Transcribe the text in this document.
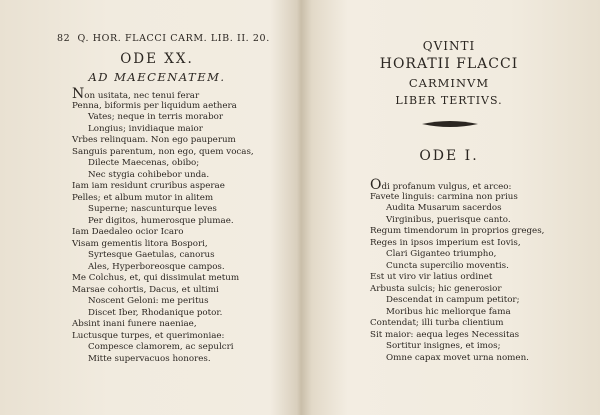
82 Q. HOR. FLACCI CARM. LIB. II. 20.
ODE XX.
AD MAECENATEM.
Non usitata, nec tenui ferar
Penna, biformis per liquidum aethera
Vates; neque in terris morabor
Longius; invidiaque maior
Vrbes relinquam. Non ego pauperum
Sanguis parentum, non ego, quem vocas,
Dilecte Maecenas, obibo;
Nec stygia cohibebor unda.
Iam iam residunt cruribus asperae
Pelles; et album mutor in alitem
Superne; nascunturque leves
Per digitos, humerosque plumae.
Iam Daedaleo ocior Icaro
Visam gementis litora Bospori,
Syrtesque Gaetulas, canorus
Ales, Hyperboreosque campos.
Me Colchus, et, qui dissimulat metum
Marsae cohortis, Dacus, et ultimi
Noscent Geloni: me peritus
Discet Iber, Rhodanique potor.
Absint inani funere naeniae,
Luctusque turpes, et querimoniae:
Compesce clamorem, ac sepulcri
Mitte supervacuos honores.
QVINTI
HORATII FLACCI
CARMINVM
LIBER TERTIVS.
ODE I.
Odi profanum vulgus, et arceo:
Favete linguis: carmina non prius
Audita Musarum sacerdos
Virginibus, puerisque canto.
Regum timendorum in proprios greges,
Reges in ipsos imperium est Iovis,
Clari Giganteo triumpho,
Cuncta supercilio moventis.
Est ut viro vir latius ordinet
Arbusta sulcis; hic generosior
Descendat in campum petitor;
Moribus hic meliorque fama
Contendat; illi turba clientium
Sit maior: aequa leges Necessitas
Sortitur insignes, et imos;
Omne capax movet urna nomen.
